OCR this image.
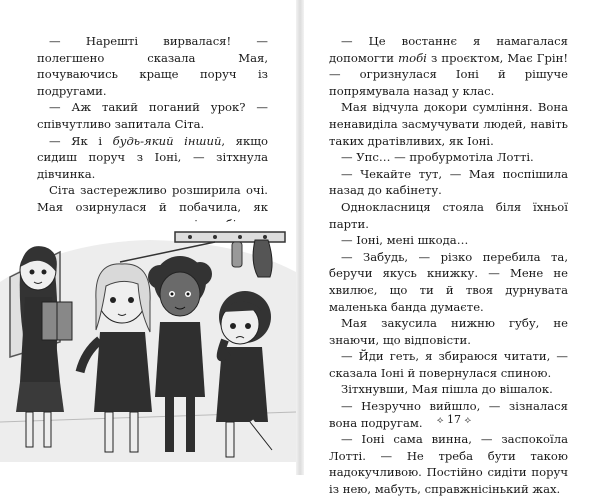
— Нарешті вирвалася! — полегшено сказала Мая, почуваючись краще поруч із подругами.

— Аж такий поганий урок? — співчутливо запитала Сіта.

— Як і будь-який інший, якщо сидиш поруч з Іоні, — зітхнула дівчинка.

Сіта застережливо розширила очі. Мая озирнулася й побачила, як

— Це востаннє я намагалася допомогти тобі з проєктом, Має Грін! — огризнулася Іоні й рішуче попрямувала назад у клас.

Мая відчула докори сумління. Вона ненавиділа засмучувати людей, навіть таких дратівливих, як Іоні.

— Упс… — пробурмотіла Лотті.

— Чекайте тут, — Мая поспішила назад до кабінету.

Однокласниця стояла біля їхньої парти.

— Іоні, мені шкода…

— Забудь, — різко перебила та, беручи якусь книжку. — Мене не хвилює, що ти й твоя дурнувата маленька банда думаєте.

Мая закусила нижню губу, не знаючи, що відповісти.

— Йди геть, я збираюся читати, — сказала Іоні й повернулася спиною.

Зітхнувши, Мая пішла до вішалок.

— Незручно вийшло, — зізналася вона подругам.

— Іоні сама винна, — заспокоїла Лотті. — Не треба бути такою надокучливою. Постійно сидіти поруч із нею, мабуть, справжнісінький жах.

⟡ 17 ⟡
